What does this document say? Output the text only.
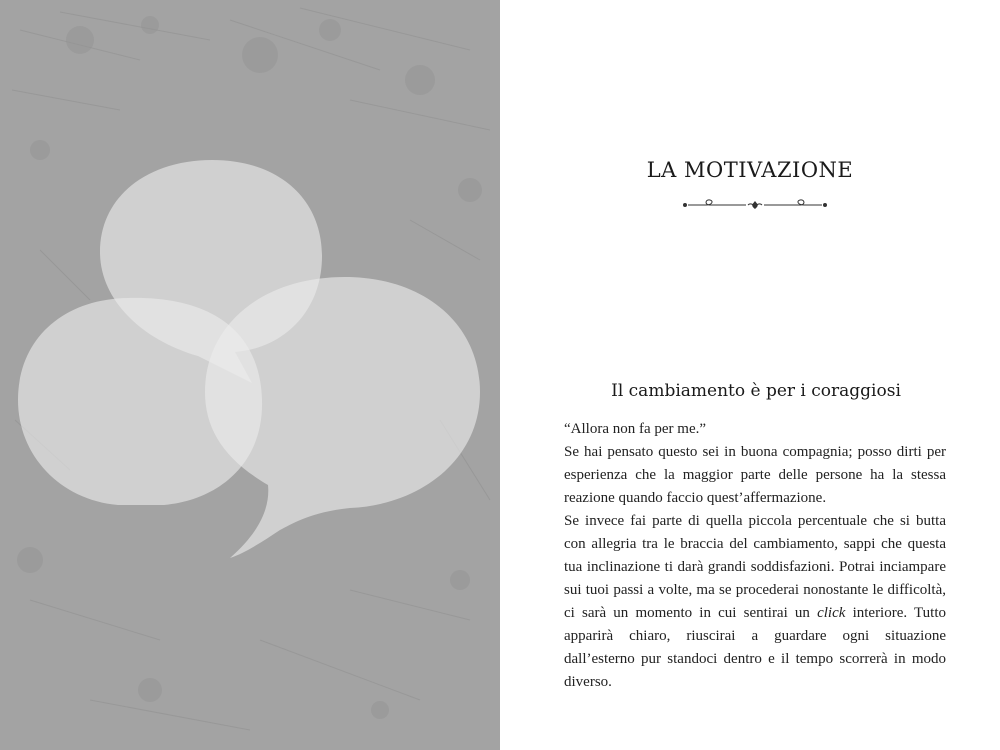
LA MOTIVAZIONE
Il cambiamento è per i coraggiosi

“Allora non fa per me.”

Se hai pensato questo sei in buona compagnia; posso dirti per esperienza che la maggior parte delle persone ha la stessa reazione quando faccio quest’affermazione.

Se invece fai parte di quella piccola percentuale che si butta con allegria tra le braccia del cambiamento, sappi che questa tua inclinazione ti darà grandi soddisfazioni. Potrai inciampare sui tuoi passi a volte, ma se procederai nonostante le difficoltà, ci sarà un momento in cui sentirai un click interiore. Tutto apparirà chiaro, riuscirai a guardare ogni situazione dall’esterno pur standoci dentro e il tempo scorrerà in modo diverso.
